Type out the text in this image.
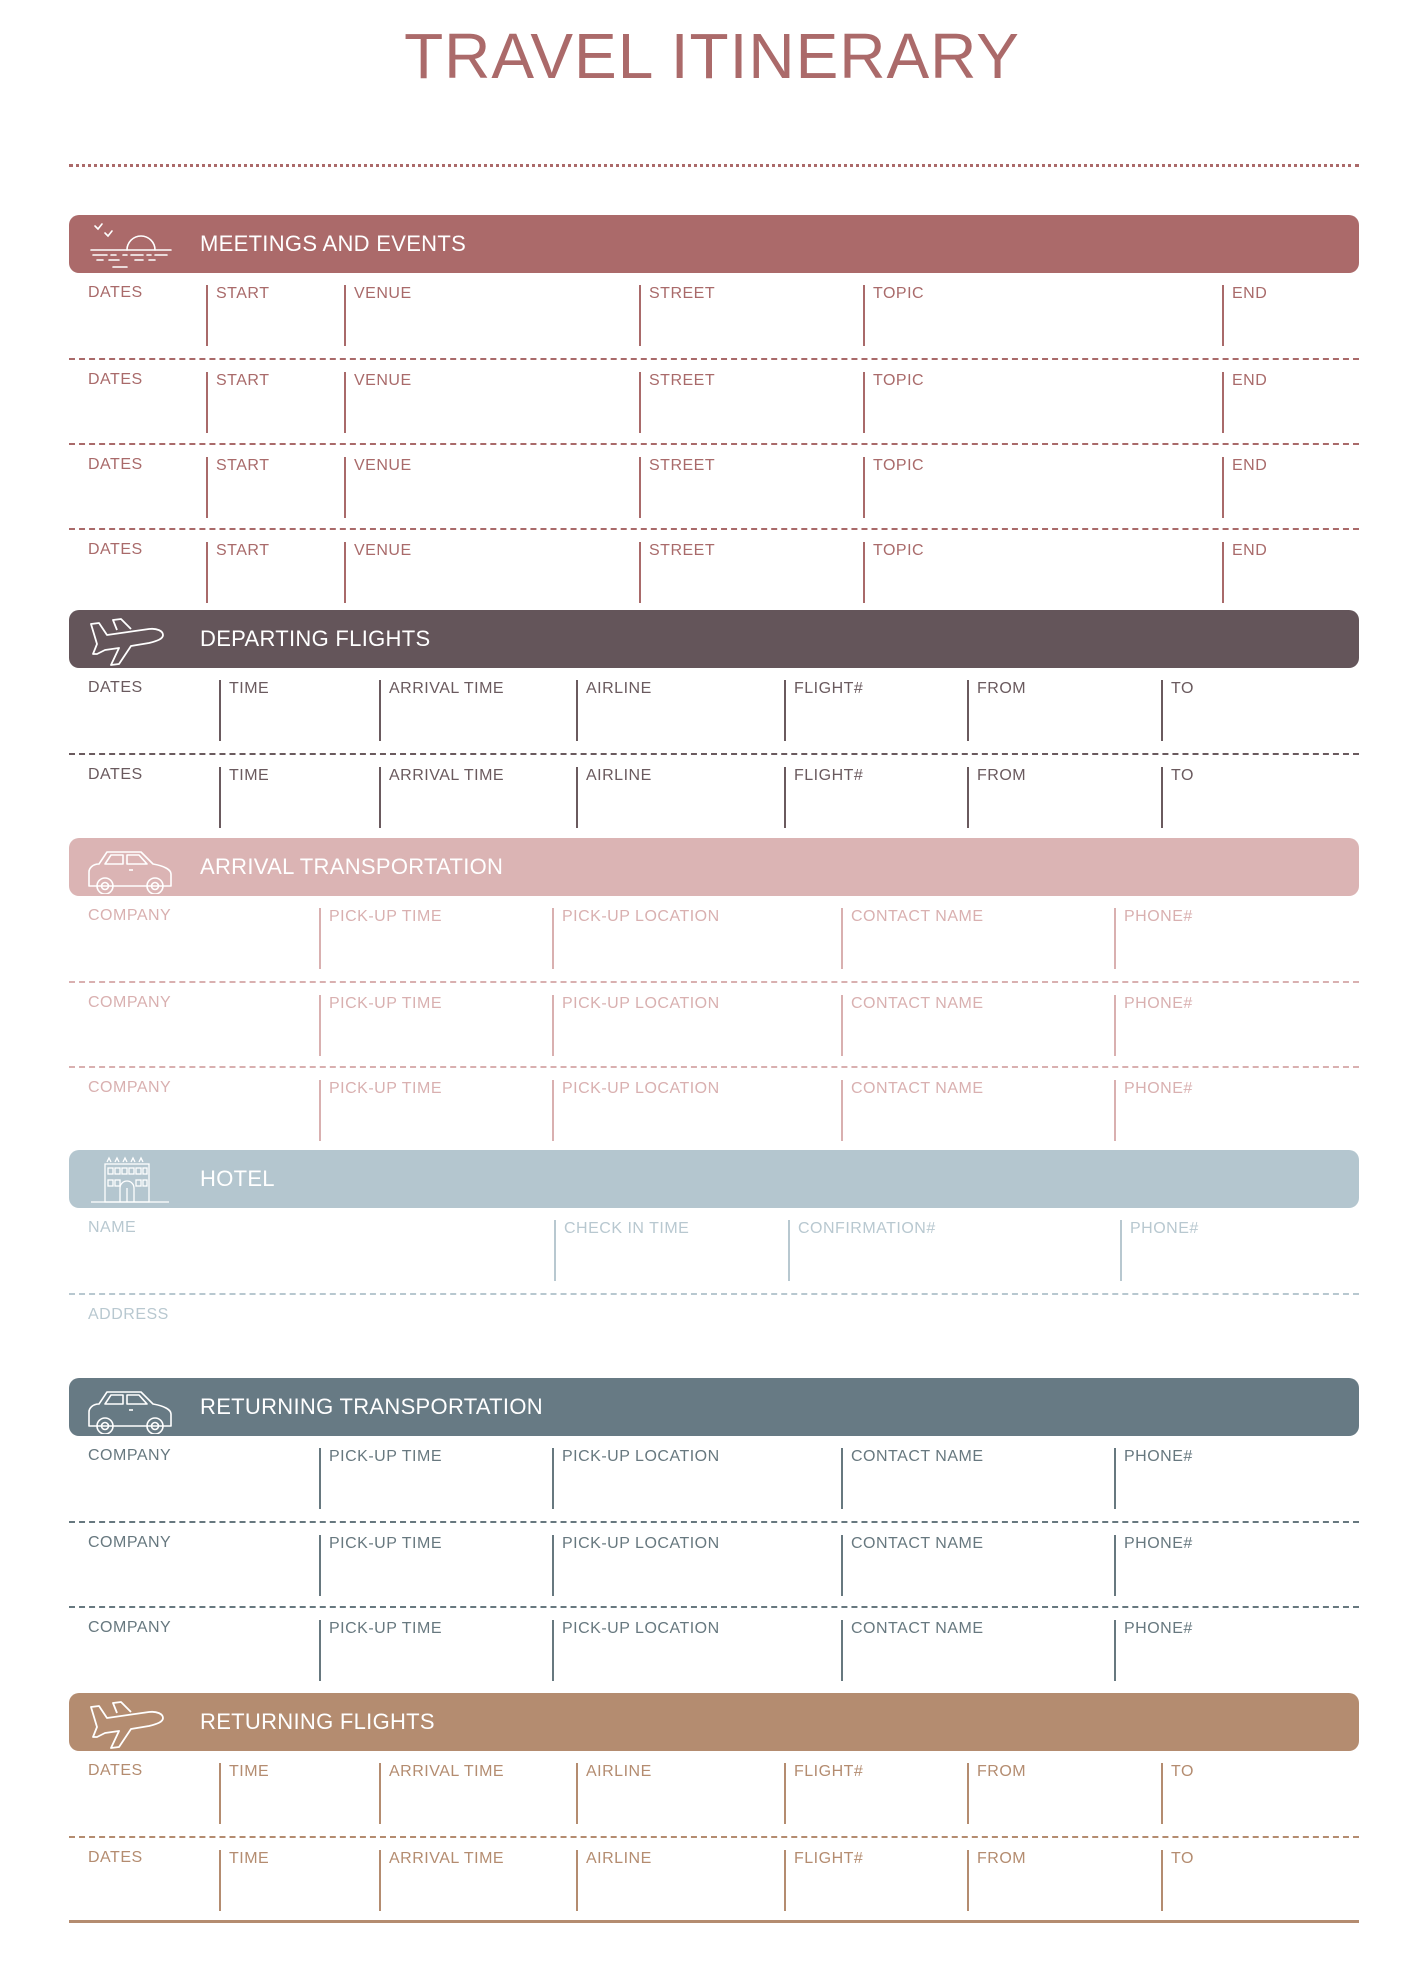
TRAVEL ITINERARY
MEETINGS AND EVENTS
DATES	START	VENUE	STREET	TOPIC	END
DATES	START	VENUE	STREET	TOPIC	END
DATES	START	VENUE	STREET	TOPIC	END
DATES	START	VENUE	STREET	TOPIC	END
DEPARTING FLIGHTS
DATES	TIME	ARRIVAL TIME	AIRLINE	FLIGHT#	FROM	TO
DATES	TIME	ARRIVAL TIME	AIRLINE	FLIGHT#	FROM	TO
ARRIVAL TRANSPORTATION
COMPANY	PICK-UP TIME	PICK-UP LOCATION	CONTACT NAME	PHONE#
COMPANY	PICK-UP TIME	PICK-UP LOCATION	CONTACT NAME	PHONE#
COMPANY	PICK-UP TIME	PICK-UP LOCATION	CONTACT NAME	PHONE#
HOTEL
NAME	CHECK IN TIME	CONFIRMATION#	PHONE#
ADDRESS
RETURNING TRANSPORTATION
COMPANY	PICK-UP TIME	PICK-UP LOCATION	CONTACT NAME	PHONE#
COMPANY	PICK-UP TIME	PICK-UP LOCATION	CONTACT NAME	PHONE#
COMPANY	PICK-UP TIME	PICK-UP LOCATION	CONTACT NAME	PHONE#
RETURNING FLIGHTS
DATES	TIME	ARRIVAL TIME	AIRLINE	FLIGHT#	FROM	TO
DATES	TIME	ARRIVAL TIME	AIRLINE	FLIGHT#	FROM	TO
